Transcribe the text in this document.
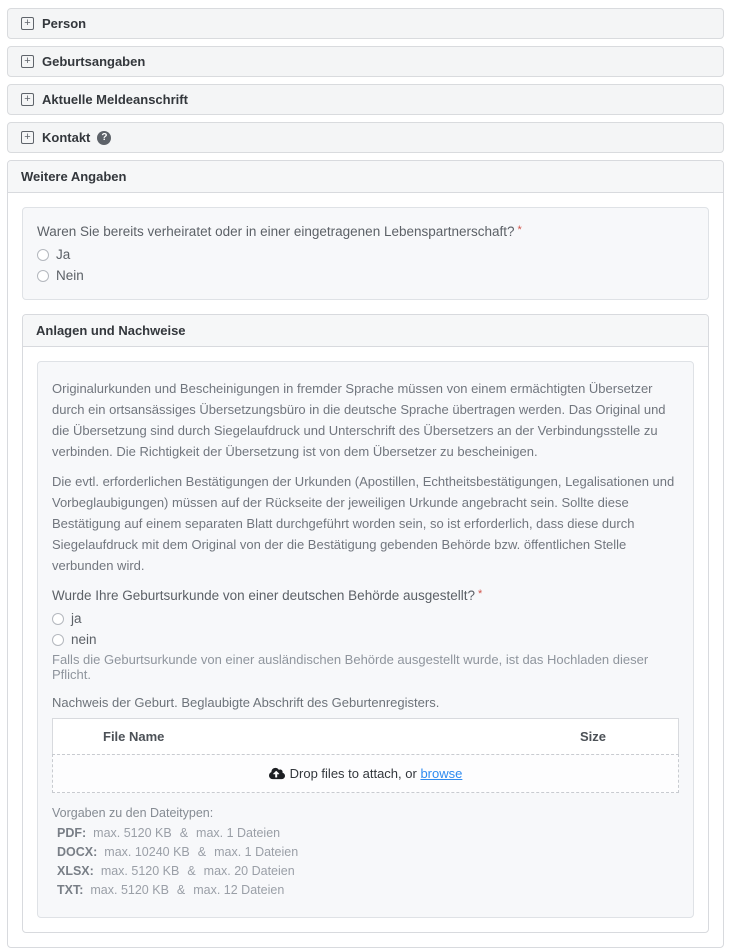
+ Person
+ Geburtsangaben
+ Aktuelle Meldeanschrift
+ Kontakt	?
Weitere Angaben
Waren Sie bereits verheiratet oder in einer eingetragenen Lebenspartnerschaft? *
Ja
Nein
Anlagen und Nachweise

Originalurkunden und Bescheinigungen in fremder Sprache müssen von einem ermächtigten Übersetzer durch ein ortsansässiges Übersetzungsbüro in die deutsche Sprache übertragen werden. Das Original und die Übersetzung sind durch Siegelaufdruck und Unterschrift des Übersetzers an der Verbindungsstelle zu verbinden. Die Richtigkeit der Übersetzung ist von dem Übersetzer zu bescheinigen.

Die evtl. erforderlichen Bestätigungen der Urkunden (Apostillen, Echtheitsbestätigungen, Legalisationen und Vorbeglaubigungen) müssen auf der Rückseite der jeweiligen Urkunde angebracht sein. Sollte diese Bestätigung auf einem separaten Blatt durchgeführt worden sein, so ist erforderlich, dass diese durch Siegelaufdruck mit dem Original von der die Bestätigung gebenden Behörde bzw. öffentlichen Stelle verbunden wird.

Wurde Ihre Geburtsurkunde von einer deutschen Behörde ausgestellt? *
ja
nein
Falls die Geburtsurkunde von einer ausländischen Behörde ausgestellt wurde, ist das Hochladen dieser Pflicht.
Nachweis der Geburt. Beglaubigte Abschrift des Geburtenregisters.
File Name	Size
Drop files to attach, or browse
Vorgaben zu den Dateitypen:
PDF: max. 5120 KB & max. 1 Dateien
DOCX: max. 10240 KB & max. 1 Dateien
XLSX: max. 5120 KB & max. 20 Dateien
TXT: max. 5120 KB & max. 12 Dateien
